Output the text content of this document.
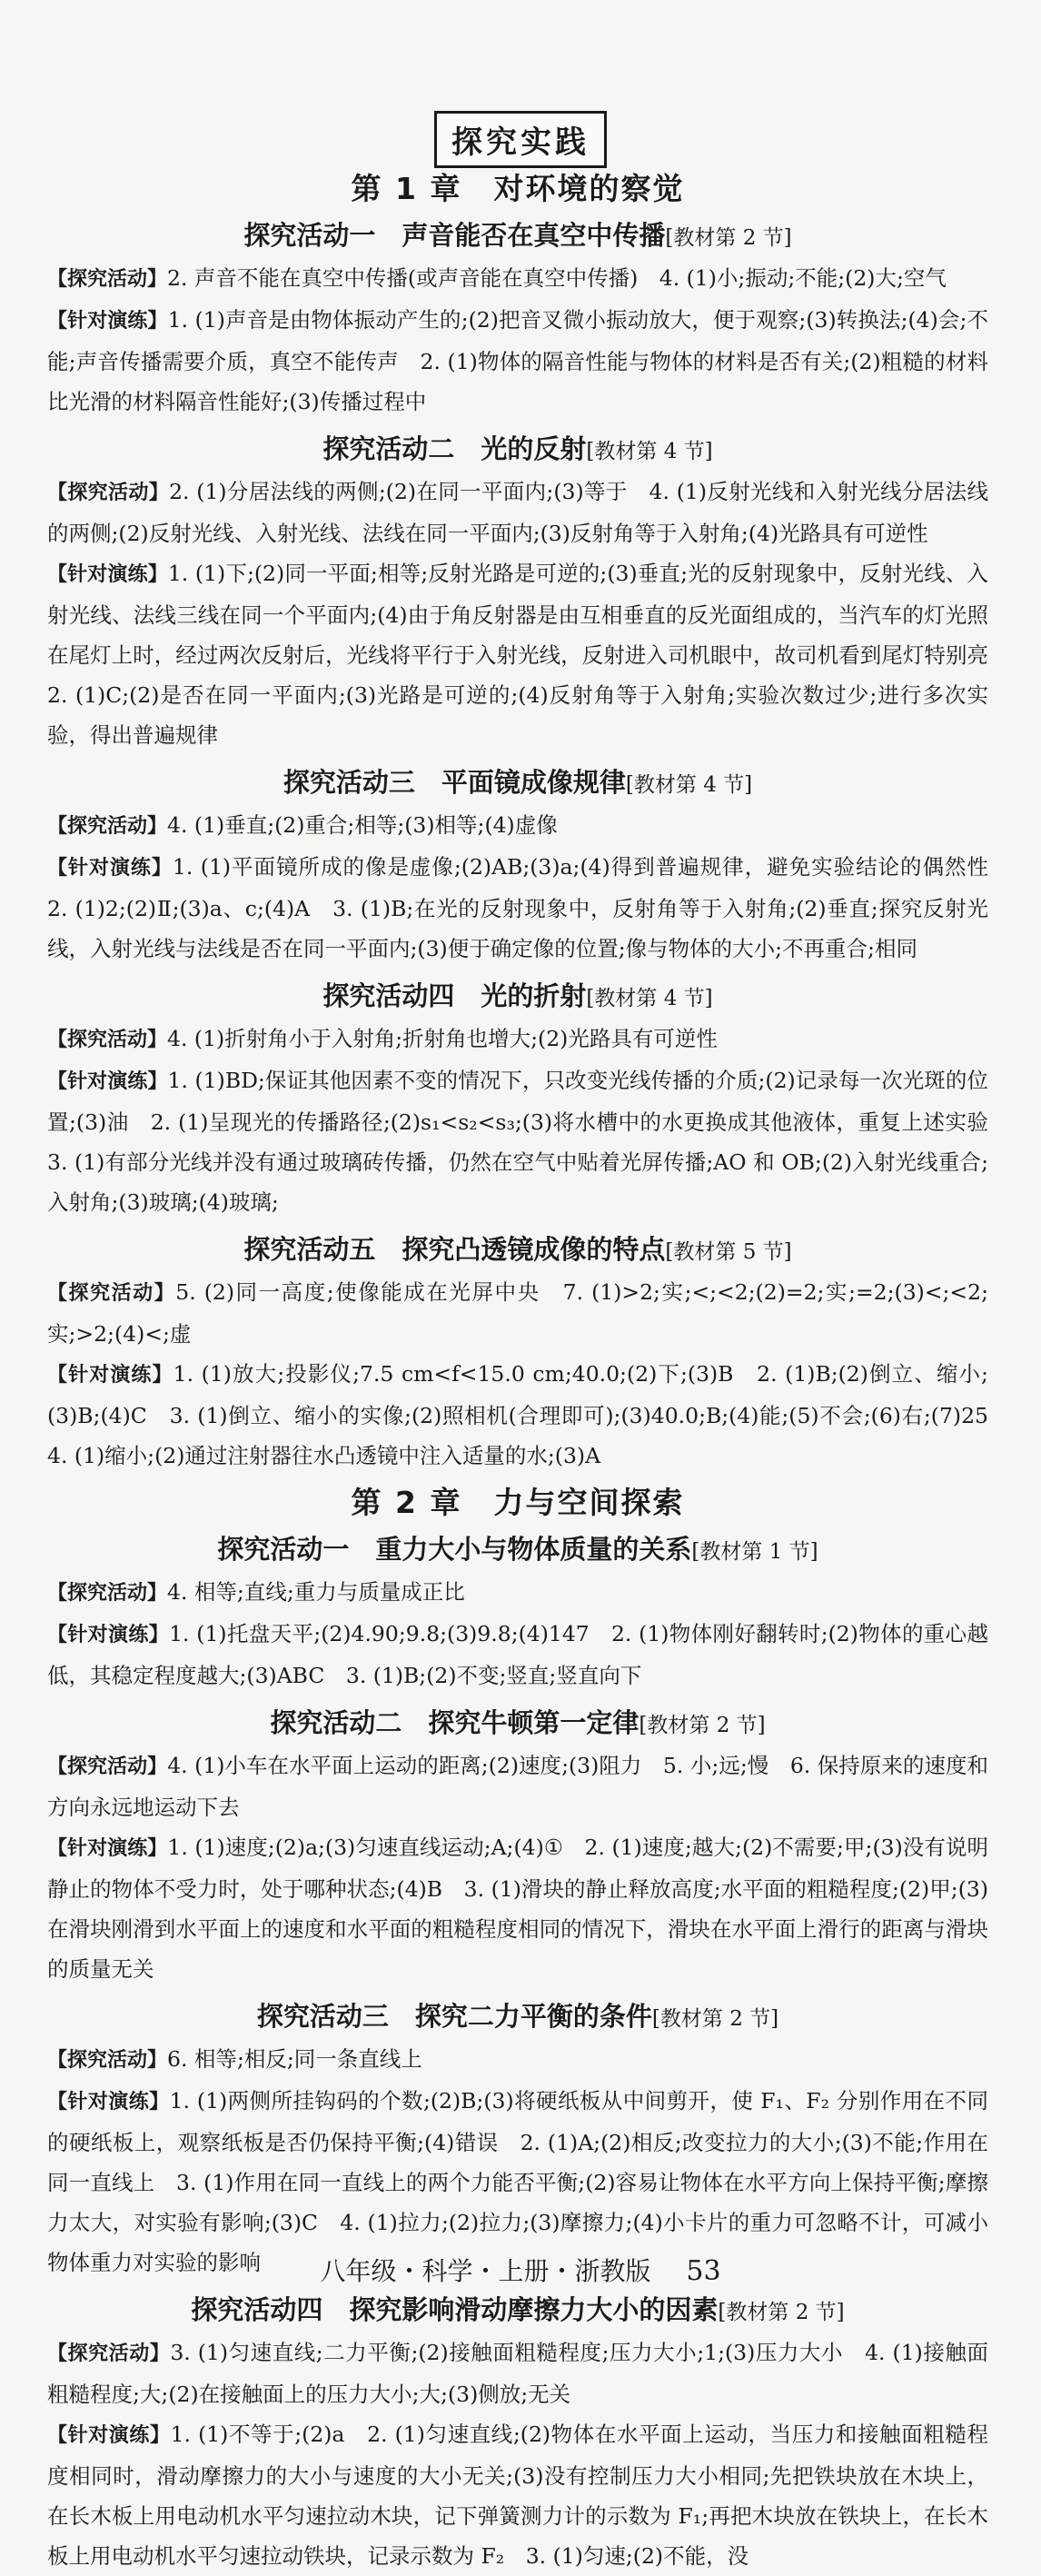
探究实践
第 1 章　对环境的察觉
探究活动一　声音能否在真空中传播[教材第 2 节]

【探究活动】2. 声音不能在真空中传播(或声音能在真空中传播)　4. (1)小;振动;不能;(2)大;空气

【针对演练】1. (1)声音是由物体振动产生的;(2)把音叉微小振动放大，便于观察;(3)转换法;(4)会;不能;声音传播需要介质，真空不能传声　2. (1)物体的隔音性能与物体的材料是否有关;(2)粗糙的材料比光滑的材料隔音性能好;(3)传播过程中

探究活动二　光的反射[教材第 4 节]

【探究活动】2. (1)分居法线的两侧;(2)在同一平面内;(3)等于　4. (1)反射光线和入射光线分居法线的两侧;(2)反射光线、入射光线、法线在同一平面内;(3)反射角等于入射角;(4)光路具有可逆性

【针对演练】1. (1)下;(2)同一平面;相等;反射光路是可逆的;(3)垂直;光的反射现象中，反射光线、入射光线、法线三线在同一个平面内;(4)由于角反射器是由互相垂直的反光面组成的，当汽车的灯光照在尾灯上时，经过两次反射后，光线将平行于入射光线，反射进入司机眼中，故司机看到尾灯特别亮　2. (1)C;(2)是否在同一平面内;(3)光路是可逆的;(4)反射角等于入射角;实验次数过少;进行多次实验，得出普遍规律

探究活动三　平面镜成像规律[教材第 4 节]

【探究活动】4. (1)垂直;(2)重合;相等;(3)相等;(4)虚像

【针对演练】1. (1)平面镜所成的像是虚像;(2)AB;(3)a;(4)得到普遍规律，避免实验结论的偶然性　2. (1)2;(2)Ⅱ;(3)a、c;(4)A　3. (1)B;在光的反射现象中，反射角等于入射角;(2)垂直;探究反射光线，入射光线与法线是否在同一平面内;(3)便于确定像的位置;像与物体的大小;不再重合;相同

探究活动四　光的折射[教材第 4 节]

【探究活动】4. (1)折射角小于入射角;折射角也增大;(2)光路具有可逆性

【针对演练】1. (1)BD;保证其他因素不变的情况下，只改变光线传播的介质;(2)记录每一次光斑的位置;(3)油　2. (1)呈现光的传播路径;(2)s₁<s₂<s₃;(3)将水槽中的水更换成其他液体，重复上述实验　3. (1)有部分光线并没有通过玻璃砖传播，仍然在空气中贴着光屏传播;AO 和 OB;(2)入射光线重合;入射角;(3)玻璃;(4)玻璃;

探究活动五　探究凸透镜成像的特点[教材第 5 节]

【探究活动】5. (2)同一高度;使像能成在光屏中央　7. (1)>2;实;<;<2;(2)=2;实;=2;(3)<;<2;实;>2;(4)<;虚

【针对演练】1. (1)放大;投影仪;7.5 cm<f<15.0 cm;40.0;(2)下;(3)B　2. (1)B;(2)倒立、缩小;(3)B;(4)C　3. (1)倒立、缩小的实像;(2)照相机(合理即可);(3)40.0;B;(4)能;(5)不会;(6)右;(7)25　4. (1)缩小;(2)通过注射器往水凸透镜中注入适量的水;(3)A

第 2 章　力与空间探索
探究活动一　重力大小与物体质量的关系[教材第 1 节]

【探究活动】4. 相等;直线;重力与质量成正比

【针对演练】1. (1)托盘天平;(2)4.90;9.8;(3)9.8;(4)147　2. (1)物体刚好翻转时;(2)物体的重心越低，其稳定程度越大;(3)ABC　3. (1)B;(2)不变;竖直;竖直向下

探究活动二　探究牛顿第一定律[教材第 2 节]

【探究活动】4. (1)小车在水平面上运动的距离;(2)速度;(3)阻力　5. 小;远;慢　6. 保持原来的速度和方向永远地运动下去

【针对演练】1. (1)速度;(2)a;(3)匀速直线运动;A;(4)①　2. (1)速度;越大;(2)不需要;甲;(3)没有说明静止的物体不受力时，处于哪种状态;(4)B　3. (1)滑块的静止释放高度;水平面的粗糙程度;(2)甲;(3)在滑块刚滑到水平面上的速度和水平面的粗糙程度相同的情况下，滑块在水平面上滑行的距离与滑块的质量无关

探究活动三　探究二力平衡的条件[教材第 2 节]

【探究活动】6. 相等;相反;同一条直线上

【针对演练】1. (1)两侧所挂钩码的个数;(2)B;(3)将硬纸板从中间剪开，使 F₁、F₂ 分别作用在不同的硬纸板上，观察纸板是否仍保持平衡;(4)错误　2. (1)A;(2)相反;改变拉力的大小;(3)不能;作用在同一直线上　3. (1)作用在同一直线上的两个力能否平衡;(2)容易让物体在水平方向上保持平衡;摩擦力太大，对实验有影响;(3)C　4. (1)拉力;(2)拉力;(3)摩擦力;(4)小卡片的重力可忽略不计，可减小物体重力对实验的影响

探究活动四　探究影响滑动摩擦力大小的因素[教材第 2 节]

【探究活动】3. (1)匀速直线;二力平衡;(2)接触面粗糙程度;压力大小;1;(3)压力大小　4. (1)接触面粗糙程度;大;(2)在接触面上的压力大小;大;(3)侧放;无关

【针对演练】1. (1)不等于;(2)a　2. (1)匀速直线;(2)物体在水平面上运动，当压力和接触面粗糙程度相同时，滑动摩擦力的大小与速度的大小无关;(3)没有控制压力大小相同;先把铁块放在木块上，在长木板上用电动机水平匀速拉动木块，记下弹簧测力计的示数为 F₁;再把木块放在铁块上，在长木板上用电动机水平匀速拉动铁块，记录示数为 F₂　3. (1)匀速;(2)不能，没

八年级・科学・上册・浙教版 53
